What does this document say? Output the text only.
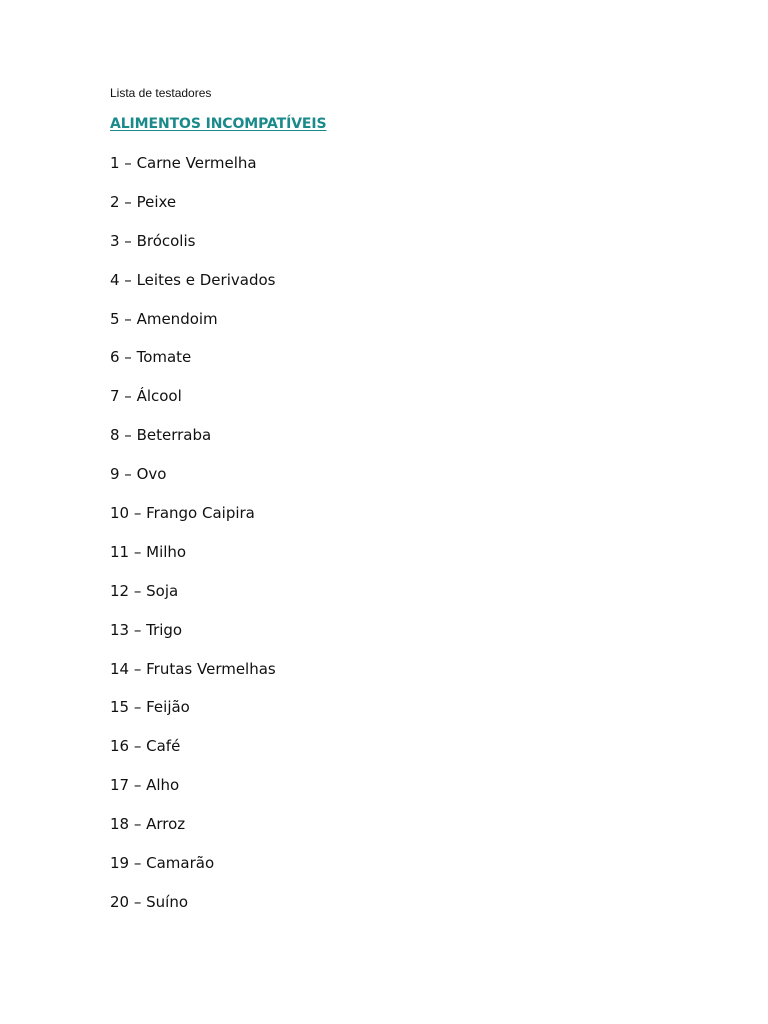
Lista de testadores
ALIMENTOS INCOMPATÍVEIS
1 – Carne Vermelha
2 – Peixe
3 – Brócolis
4 – Leites e Derivados
5 – Amendoim
6 – Tomate
7 – Álcool
8 – Beterraba
9 – Ovo
10 – Frango Caipira
11 – Milho
12 – Soja
13 – Trigo
14 – Frutas Vermelhas
15 – Feijão
16 – Café
17 – Alho
18 – Arroz
19 – Camarão
20 – Suíno
